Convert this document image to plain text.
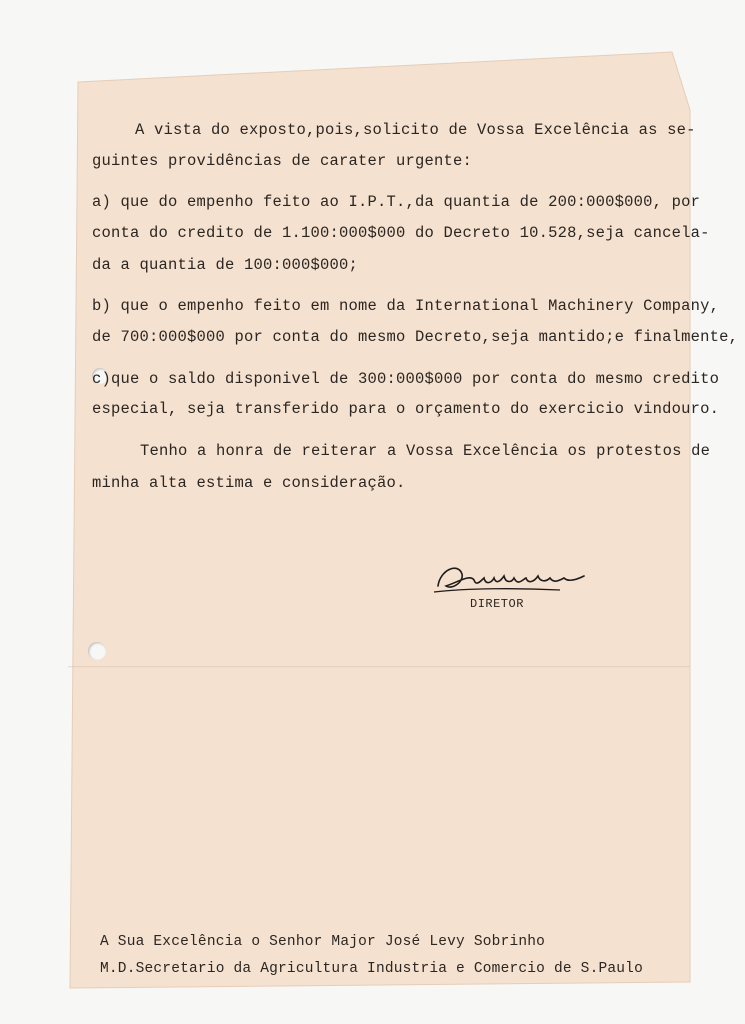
A vista do exposto,pois,solicito de Vossa Excelência as se-
guintes providências de carater urgente:
a) que do empenho feito ao I.P.T.,da quantia de 200:000$000, por
conta do credito de 1.100:000$000 do Decreto 10.528,seja cancela-
da a quantia de 100:000$000;
b) que o empenho feito em nome da International Machinery Company,
de 700:000$000 por conta do mesmo Decreto,seja mantido;e finalmente,
c)que o saldo disponivel de 300:000$000 por conta do mesmo credito
especial, seja transferido para o orçamento do exercicio vindouro.
Tenho a honra de reiterar a Vossa Excelência os protestos de
minha alta estima e consideração.
DIRETOR
A Sua Excelência o Senhor Major José Levy Sobrinho
M.D.Secretario da Agricultura Industria e Comercio de S.Paulo
